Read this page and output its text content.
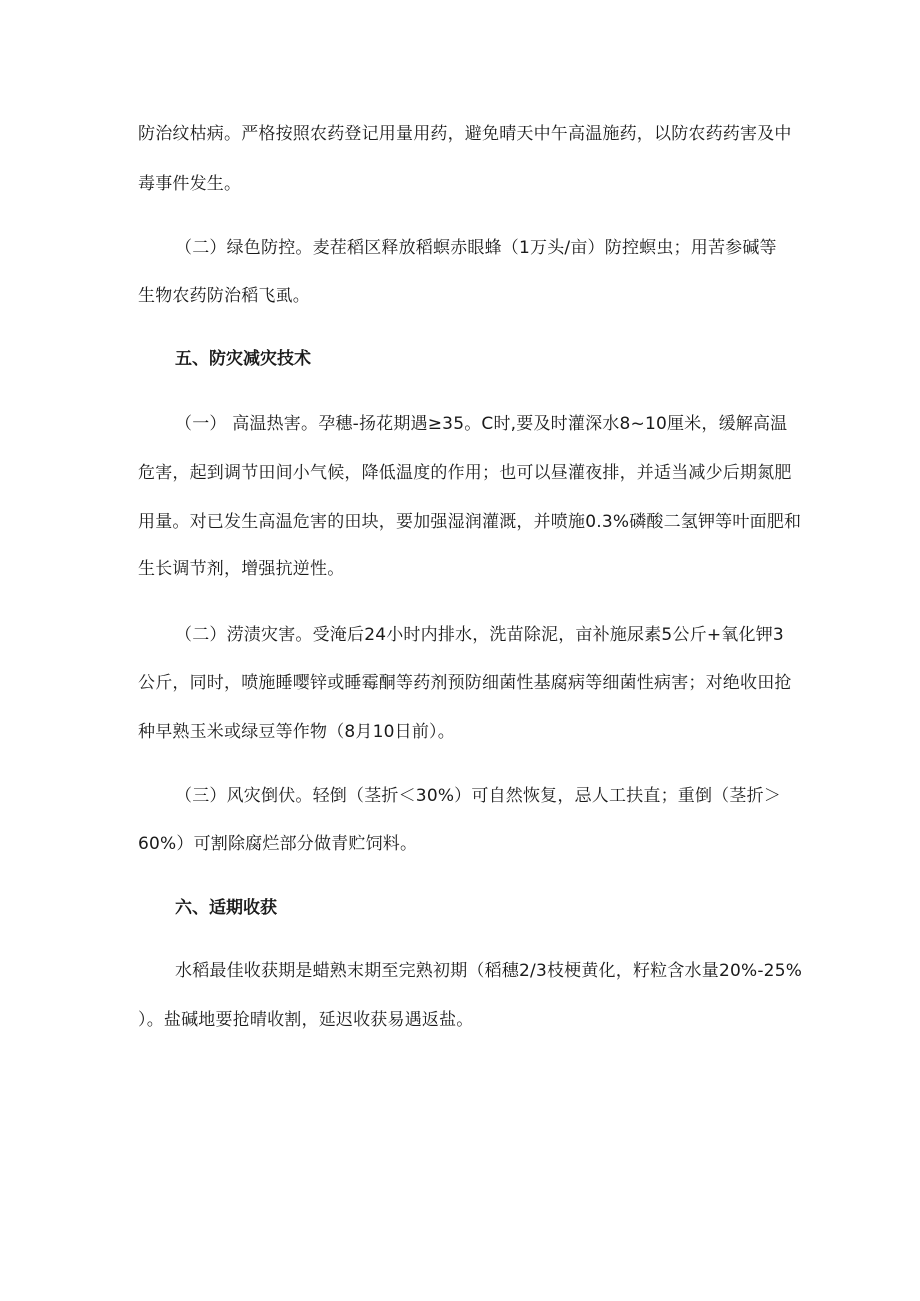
防治纹枯病。严格按照农药登记用量用药，避免晴天中午高温施药，以防农药药害及中
毒事件发生。
（二）绿色防控。麦茬稻区释放稻螟赤眼蜂（1万头/亩）防控螟虫；用苦参碱等
生物农药防治稻飞虱。
五、防灾减灾技术
（一） 高温热害。孕穗-扬花期遇≥35。C时,要及时灌深水8~10厘米，缓解高温
危害，起到调节田间小气候，降低温度的作用；也可以昼灌夜排，并适当减少后期氮肥
用量。对已发生高温危害的田块，要加强湿润灌溉，并喷施0.3%磷酸二氢钾等叶面肥和
生长调节剂，增强抗逆性。
（二）涝渍灾害。受淹后24小时内排水，洗苗除泥，亩补施尿素5公斤+氧化钾3
公斤，同时，喷施睡嘤锌或睡霉酮等药剂预防细菌性基腐病等细菌性病害；对绝收田抢
种早熟玉米或绿豆等作物（8月10日前）。
（三）风灾倒伏。轻倒（茎折＜30%）可自然恢复，忌人工扶直；重倒（茎折＞
60%）可割除腐烂部分做青贮饲料。
六、适期收获
水稻最佳收获期是蜡熟末期至完熟初期（稻穗2/3枝梗黄化，籽粒含水量20%-25%
）。盐碱地要抢晴收割，延迟收获易遇返盐。
